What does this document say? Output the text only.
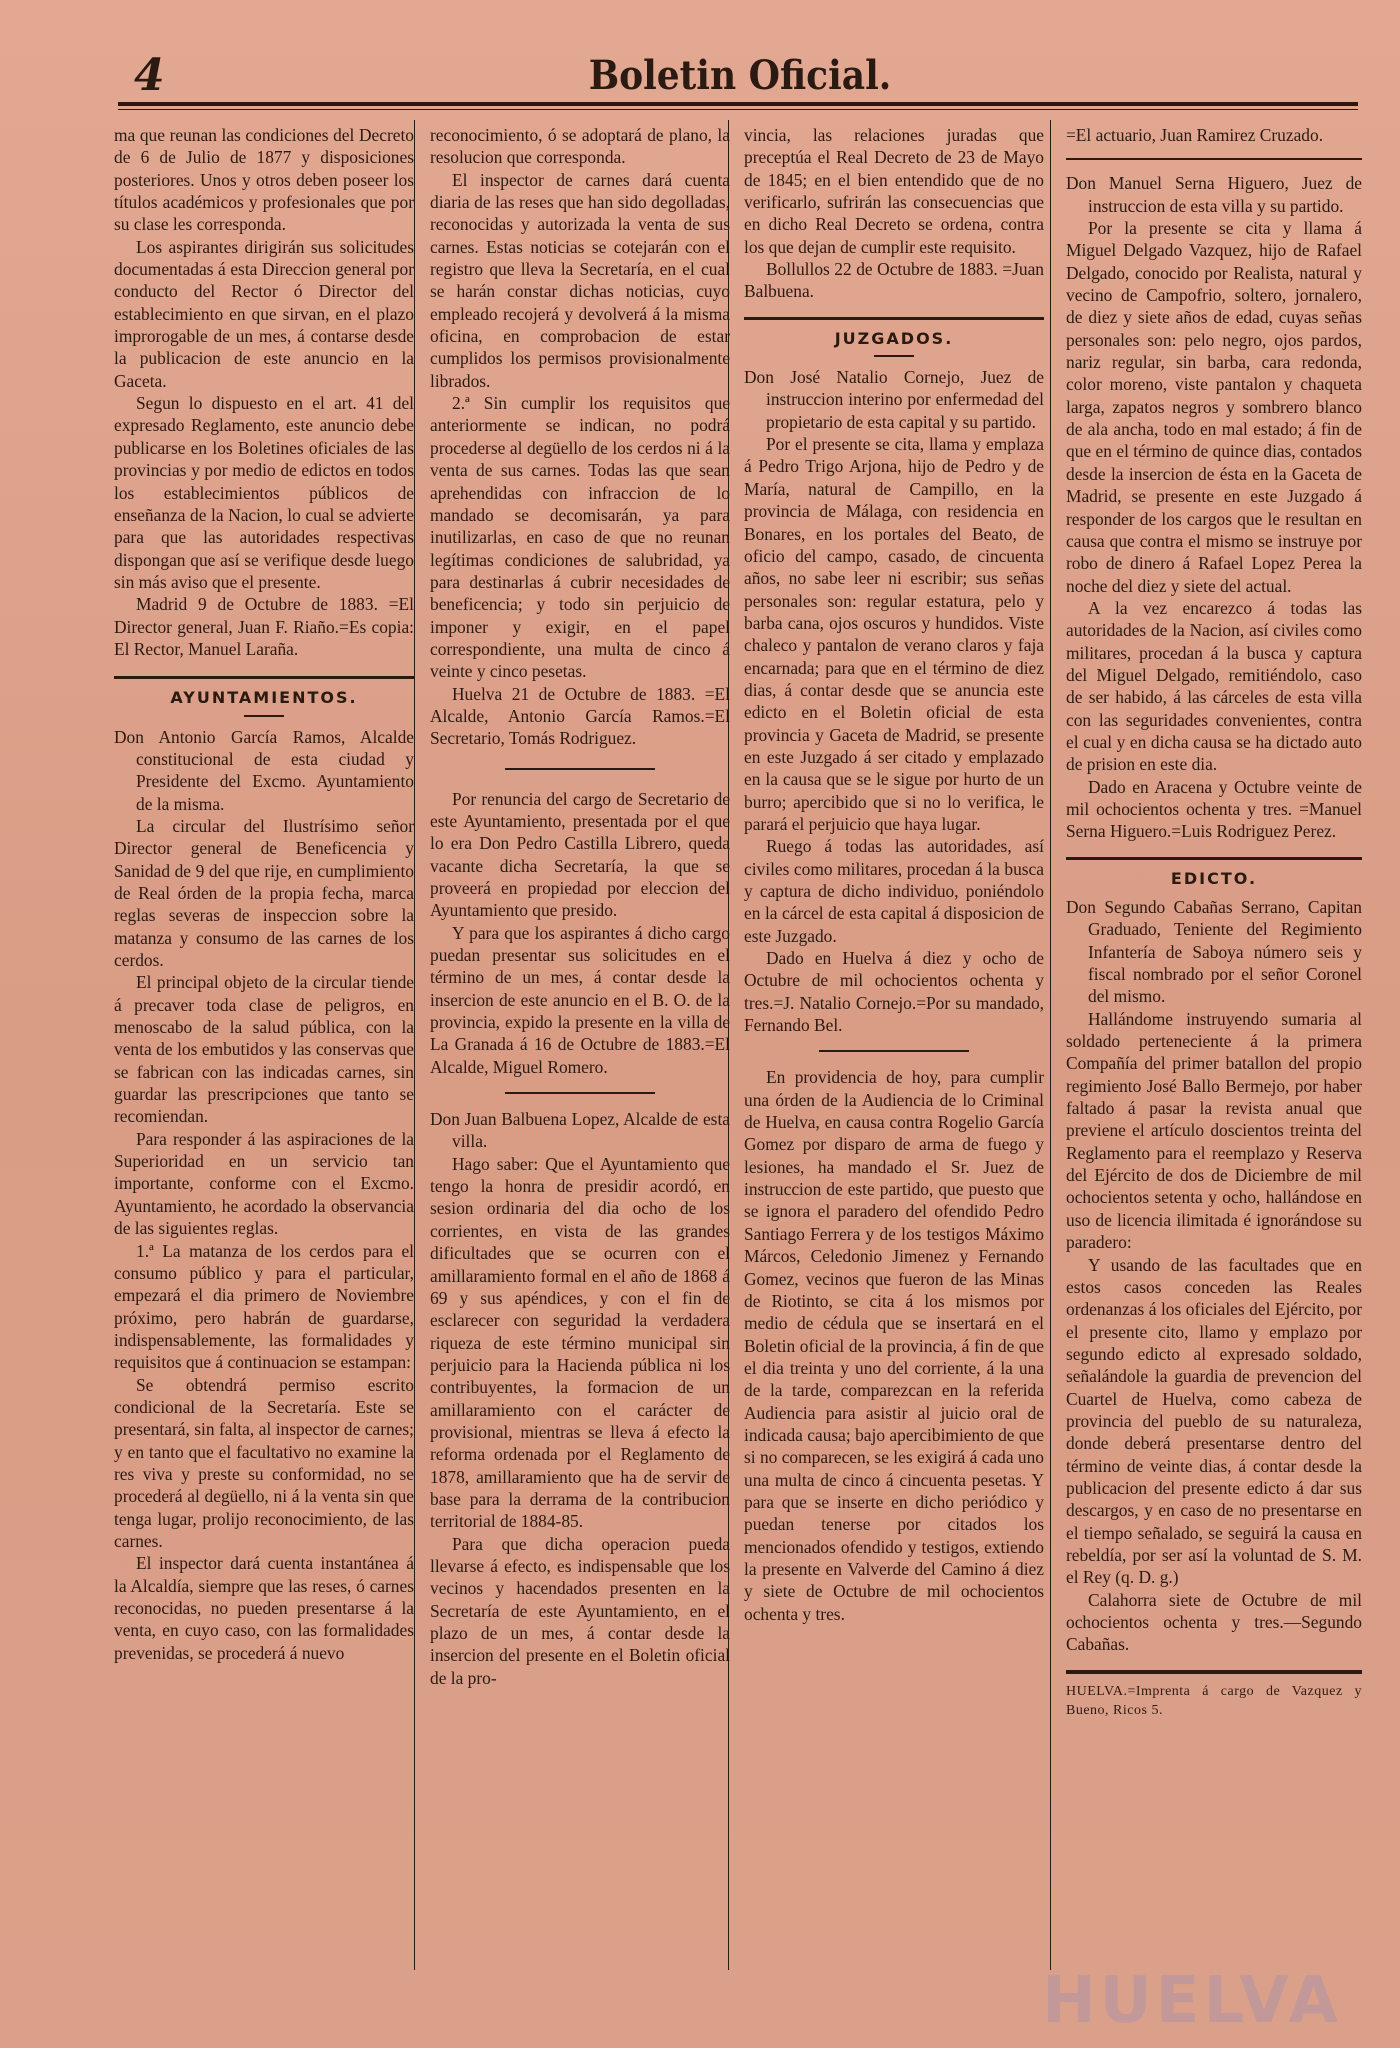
4	Boletin Oficial.

ma que reunan las condiciones del Decreto de 6 de Julio de 1877 y disposiciones posteriores. Unos y otros deben poseer los títulos académicos y profesionales que por su clase les corresponda.

Los aspirantes dirigirán sus solicitudes documentadas á esta Direccion general por conducto del Rector ó Director del establecimiento en que sirvan, en el plazo improrogable de un mes, á contarse desde la publicacion de este anuncio en la Gaceta.

Segun lo dispuesto en el art. 41 del expresado Reglamento, este anuncio debe publicarse en los Boletines oficiales de las provincias y por medio de edictos en todos los establecimientos públicos de enseñanza de la Nacion, lo cual se advierte para que las autoridades respectivas dispongan que así se verifique desde luego sin más aviso que el presente.

Madrid 9 de Octubre de 1883. =El Director general, Juan F. Riaño.=Es copia: El Rector, Manuel Laraña.

AYUNTAMIENTOS.

Don Antonio García Ramos, Alcalde constitucional de esta ciudad y Presidente del Excmo. Ayuntamiento de la misma.

La circular del Ilustrísimo señor Director general de Beneficencia y Sanidad de 9 del que rije, en cumplimiento de Real órden de la propia fecha, marca reglas severas de inspeccion sobre la matanza y consumo de las carnes de los cerdos.

El principal objeto de la circular tiende á precaver toda clase de peligros, en menoscabo de la salud pública, con la venta de los embutidos y las conservas que se fabrican con las indicadas carnes, sin guardar las prescripciones que tanto se recomiendan.

Para responder á las aspiraciones de la Superioridad en un servicio tan importante, conforme con el Excmo. Ayuntamiento, he acordado la observancia de las siguientes reglas.

1.ª La matanza de los cerdos para el consumo público y para el particular, empezará el dia primero de Noviembre próximo, pero habrán de guardarse, indispensablemente, las formalidades y requisitos que á continuacion se estampan:

Se obtendrá permiso escrito condicional de la Secretaría. Este se presentará, sin falta, al inspector de carnes; y en tanto que el facultativo no examine la res viva y preste su conformidad, no se procederá al degüello, ni á la venta sin que tenga lugar, prolijo reconocimiento, de las carnes.

El inspector dará cuenta instantánea á la Alcaldía, siempre que las reses, ó carnes reconocidas, no pueden presentarse á la venta, en cuyo caso, con las formalidades prevenidas, se procederá á nuevo

reconocimiento, ó se adoptará de plano, la resolucion que corresponda.

El inspector de carnes dará cuenta diaria de las reses que han sido degolladas, reconocidas y autorizada la venta de sus carnes. Estas noticias se cotejarán con el registro que lleva la Secretaría, en el cual se harán constar dichas noticias, cuyo empleado recojerá y devolverá á la misma oficina, en comprobacion de estar cumplidos los permisos provisionalmente librados.

2.ª Sin cumplir los requisitos que anteriormente se indican, no podrá procederse al degüello de los cerdos ni á la venta de sus carnes. Todas las que sean aprehendidas con infraccion de lo mandado se decomisarán, ya para inutilizarlas, en caso de que no reunan legítimas condiciones de salubridad, ya para destinarlas á cubrir necesidades de beneficencia; y todo sin perjuicio de imponer y exigir, en el papel correspondiente, una multa de cinco á veinte y cinco pesetas.

Huelva 21 de Octubre de 1883. =El Alcalde, Antonio García Ramos.=El Secretario, Tomás Rodriguez.

Por renuncia del cargo de Secretario de este Ayuntamiento, presentada por el que lo era Don Pedro Castilla Librero, queda vacante dicha Secretaría, la que se proveerá en propiedad por eleccion del Ayuntamiento que presido.

Y para que los aspirantes á dicho cargo puedan presentar sus solicitudes en el término de un mes, á contar desde la insercion de este anuncio en el B. O. de la provincia, expido la presente en la villa de La Granada á 16 de Octubre de 1883.=El Alcalde, Miguel Romero.

Don Juan Balbuena Lopez, Alcalde de esta villa.

Hago saber: Que el Ayuntamiento que tengo la honra de presidir acordó, en sesion ordinaria del dia ocho de los corrientes, en vista de las grandes dificultades que se ocurren con el amillaramiento formal en el año de 1868 á 69 y sus apéndices, y con el fin de esclarecer con seguridad la verdadera riqueza de este término municipal sin perjuicio para la Hacienda pública ni los contribuyentes, la formacion de un amillaramiento con el carácter de provisional, mientras se lleva á efecto la reforma ordenada por el Reglamento de 1878, amillaramiento que ha de servir de base para la derrama de la contribucion territorial de 1884-85.

Para que dicha operacion pueda llevarse á efecto, es indispensable que los vecinos y hacendados presenten en la Secretaría de este Ayuntamiento, en el plazo de un mes, á contar desde la insercion del presente en el Boletin oficial de la pro-

vincia, las relaciones juradas que preceptúa el Real Decreto de 23 de Mayo de 1845; en el bien entendido que de no verificarlo, sufrirán las consecuencias que en dicho Real Decreto se ordena, contra los que dejan de cumplir este requisito.

Bollullos 22 de Octubre de 1883. =Juan Balbuena.

JUZGADOS.

Don José Natalio Cornejo, Juez de instruccion interino por enfermedad del propietario de esta capital y su partido.

Por el presente se cita, llama y emplaza á Pedro Trigo Arjona, hijo de Pedro y de María, natural de Campillo, en la provincia de Málaga, con residencia en Bonares, en los portales del Beato, de oficio del campo, casado, de cincuenta años, no sabe leer ni escribir; sus señas personales son: regular estatura, pelo y barba cana, ojos oscuros y hundidos. Viste chaleco y pantalon de verano claros y faja encarnada; para que en el término de diez dias, á contar desde que se anuncia este edicto en el Boletin oficial de esta provincia y Gaceta de Madrid, se presente en este Juzgado á ser citado y emplazado en la causa que se le sigue por hurto de un burro; apercibido que si no lo verifica, le parará el perjuicio que haya lugar.

Ruego á todas las autoridades, así civiles como militares, procedan á la busca y captura de dicho individuo, poniéndolo en la cárcel de esta capital á disposicion de este Juzgado.

Dado en Huelva á diez y ocho de Octubre de mil ochocientos ochenta y tres.=J. Natalio Cornejo.=Por su mandado, Fernando Bel.

En providencia de hoy, para cumplir una órden de la Audiencia de lo Criminal de Huelva, en causa contra Rogelio García Gomez por disparo de arma de fuego y lesiones, ha mandado el Sr. Juez de instruccion de este partido, que puesto que se ignora el paradero del ofendido Pedro Santiago Ferrera y de los testigos Máximo Márcos, Celedonio Jimenez y Fernando Gomez, vecinos que fueron de las Minas de Riotinto, se cita á los mismos por medio de cédula que se insertará en el Boletin oficial de la provincia, á fin de que el dia treinta y uno del corriente, á la una de la tarde, comparezcan en la referida Audiencia para asistir al juicio oral de indicada causa; bajo apercibimiento de que si no comparecen, se les exigirá á cada uno una multa de cinco á cincuenta pesetas. Y para que se inserte en dicho periódico y puedan tenerse por citados los mencionados ofendido y testigos, extiendo la presente en Valverde del Camino á diez y siete de Octubre de mil ochocientos ochenta y tres.

=El actuario, Juan Ramirez Cruzado.

Don Manuel Serna Higuero, Juez de instruccion de esta villa y su partido.

Por la presente se cita y llama á Miguel Delgado Vazquez, hijo de Rafael Delgado, conocido por Realista, natural y vecino de Campofrio, soltero, jornalero, de diez y siete años de edad, cuyas señas personales son: pelo negro, ojos pardos, nariz regular, sin barba, cara redonda, color moreno, viste pantalon y chaqueta larga, zapatos negros y sombrero blanco de ala ancha, todo en mal estado; á fin de que en el término de quince dias, contados desde la insercion de ésta en la Gaceta de Madrid, se presente en este Juzgado á responder de los cargos que le resultan en causa que contra el mismo se instruye por robo de dinero á Rafael Lopez Perea la noche del diez y siete del actual.

A la vez encarezco á todas las autoridades de la Nacion, así civiles como militares, procedan á la busca y captura del Miguel Delgado, remitiéndolo, caso de ser habido, á las cárceles de esta villa con las seguridades convenientes, contra el cual y en dicha causa se ha dictado auto de prision en este dia.

Dado en Aracena y Octubre veinte de mil ochocientos ochenta y tres. =Manuel Serna Higuero.=Luis Rodriguez Perez.

EDICTO.

Don Segundo Cabañas Serrano, Capitan Graduado, Teniente del Regimiento Infantería de Saboya número seis y fiscal nombrado por el señor Coronel del mismo.

Hallándome instruyendo sumaria al soldado perteneciente á la primera Compañía del primer batallon del propio regimiento José Ballo Bermejo, por haber faltado á pasar la revista anual que previene el artículo doscientos treinta del Reglamento para el reemplazo y Reserva del Ejército de dos de Diciembre de mil ochocientos setenta y ocho, hallándose en uso de licencia ilimitada é ignorándose su paradero:

Y usando de las facultades que en estos casos conceden las Reales ordenanzas á los oficiales del Ejército, por el presente cito, llamo y emplazo por segundo edicto al expresado soldado, señalándole la guardia de prevencion del Cuartel de Huelva, como cabeza de provincia del pueblo de su naturaleza, donde deberá presentarse dentro del término de veinte dias, á contar desde la publicacion del presente edicto á dar sus descargos, y en caso de no presentarse en el tiempo señalado, se seguirá la causa en rebeldía, por ser así la voluntad de S. M. el Rey (q. D. g.)

Calahorra siete de Octubre de mil ochocientos ochenta y tres.—Segundo Cabañas.

HUELVA.=Imprenta á cargo de Vazquez y Bueno, Ricos 5.

HUELVA
